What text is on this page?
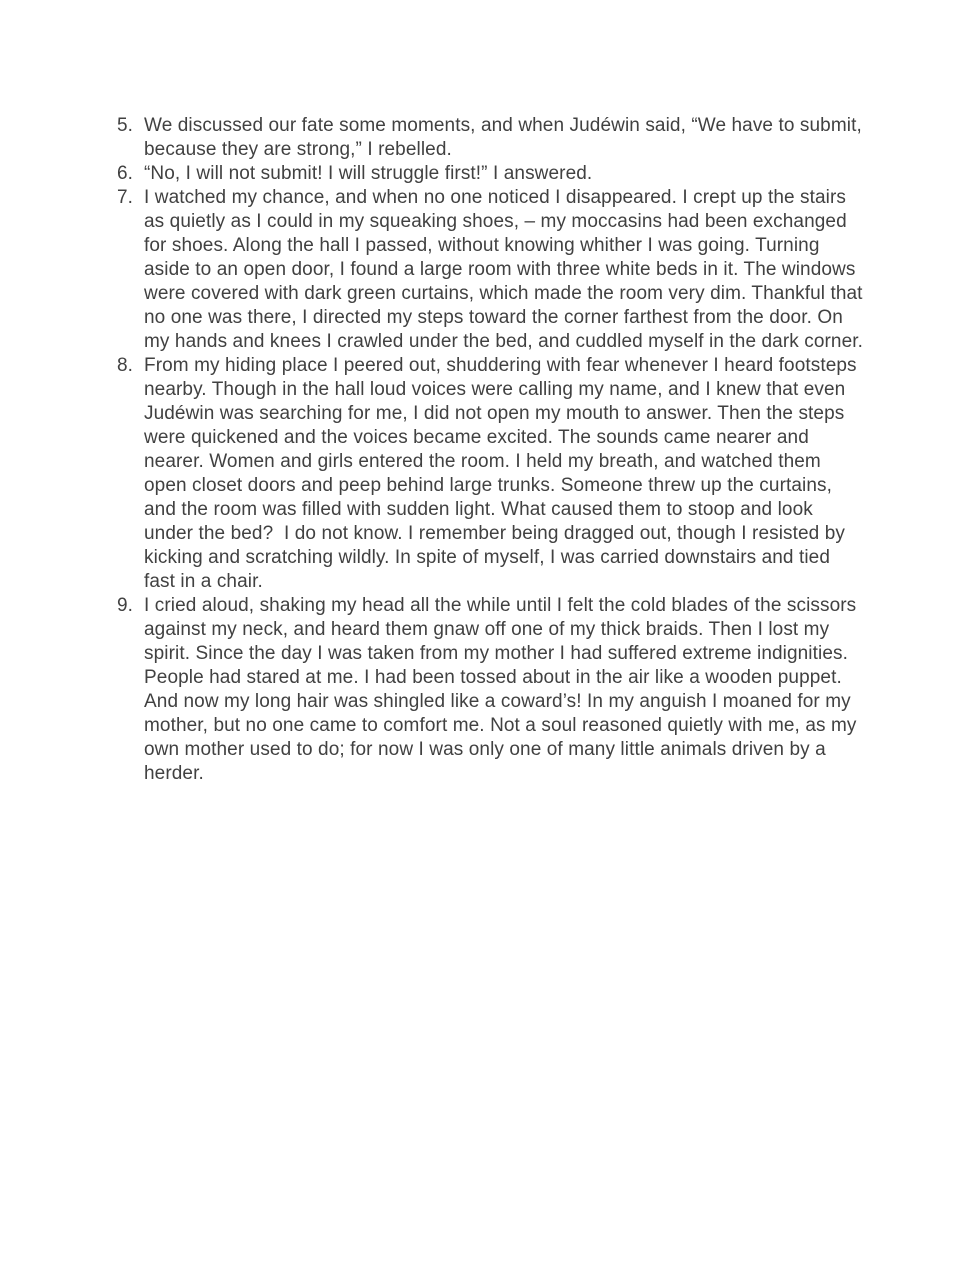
5. We discussed our fate some moments, and when Judéwin said, “We have to submit, because they are strong,” I rebelled.
6. “No, I will not submit! I will struggle first!” I answered.
7. I watched my chance, and when no one noticed I disappeared. I crept up the stairs as quietly as I could in my squeaking shoes, – my moccasins had been exchanged for shoes. Along the hall I passed, without knowing whither I was going. Turning aside to an open door, I found a large room with three white beds in it. The windows were covered with dark green curtains, which made the room very dim. Thankful that no one was there, I directed my steps toward the corner farthest from the door. On my hands and knees I crawled under the bed, and cuddled myself in the dark corner.
8. From my hiding place I peered out, shuddering with fear whenever I heard footsteps nearby. Though in the hall loud voices were calling my name, and I knew that even Judéwin was searching for me, I did not open my mouth to answer. Then the steps were quickened and the voices became excited. The sounds came nearer and nearer. Women and girls entered the room. I held my breath, and watched them open closet doors and peep behind large trunks. Someone threw up the curtains, and the room was filled with sudden light. What caused them to stoop and look under the bed?  I do not know. I remember being dragged out, though I resisted by kicking and scratching wildly. In spite of myself, I was carried downstairs and tied fast in a chair.
9. I cried aloud, shaking my head all the while until I felt the cold blades of the scissors against my neck, and heard them gnaw off one of my thick braids. Then I lost my spirit. Since the day I was taken from my mother I had suffered extreme indignities. People had stared at me. I had been tossed about in the air like a wooden puppet. And now my long hair was shingled like a coward’s! In my anguish I moaned for my mother, but no one came to comfort me. Not a soul reasoned quietly with me, as my own mother used to do; for now I was only one of many little animals driven by a herder.
